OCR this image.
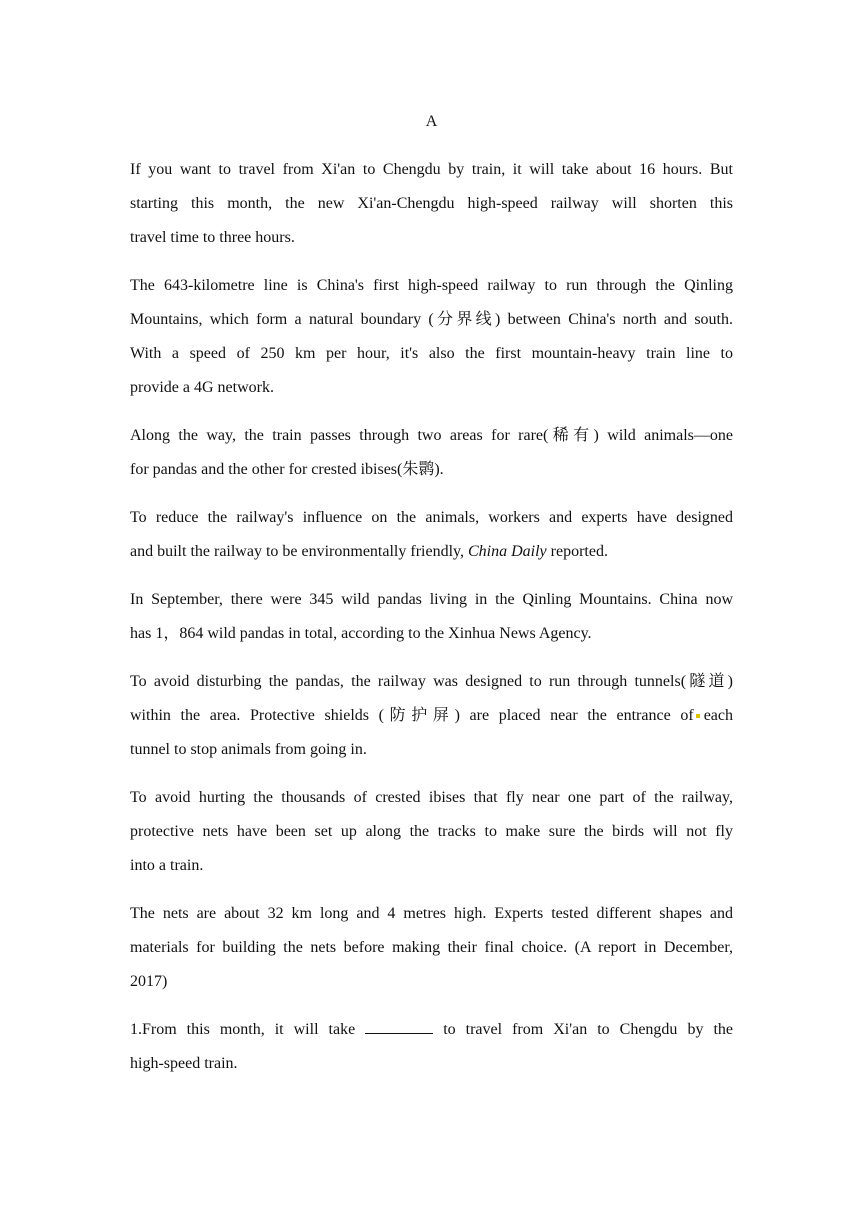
A
If you want to travel from Xi'an to Chengdu by train, it will take about 16 hours. But
starting this month, the new Xi'an‐Chengdu high‐speed railway will shorten this
travel time to three hours.
The 643‐kilometre line is China's first high‐speed railway to run through the Qinling
Mountains, which form a natural boundary (分界线) between China's north and south.
With a speed of 250 km per hour, it's also the first mountain‐heavy train line to
provide a 4G network.
Along the way, the train passes through two areas for rare(稀有) wild animals—one
for pandas and the other for crested ibises(朱鹮).
To reduce the railway's influence on the animals, workers and experts have designed
and built the railway to be environmentally friendly, China Daily reported.
In September, there were 345 wild pandas living in the Qinling Mountains. China now
has 1，864 wild pandas in total, according to the Xinhua News Agency.
To avoid disturbing the pandas, the railway was designed to run through tunnels(隧道)
within the area. Protective shields (防护屏) are placed near the entrance of each
tunnel to stop animals from going in.
To avoid hurting the thousands of crested ibises that fly near one part of the railway,
protective nets have been set up along the tracks to make sure the birds will not fly
into a train.
The nets are about 32 km long and 4 metres high. Experts tested different shapes and
materials for building the nets before making their final choice. (A report in December,
2017)
1.From this month, it will take	to travel from Xi'an to Chengdu by the
high-speed train.
